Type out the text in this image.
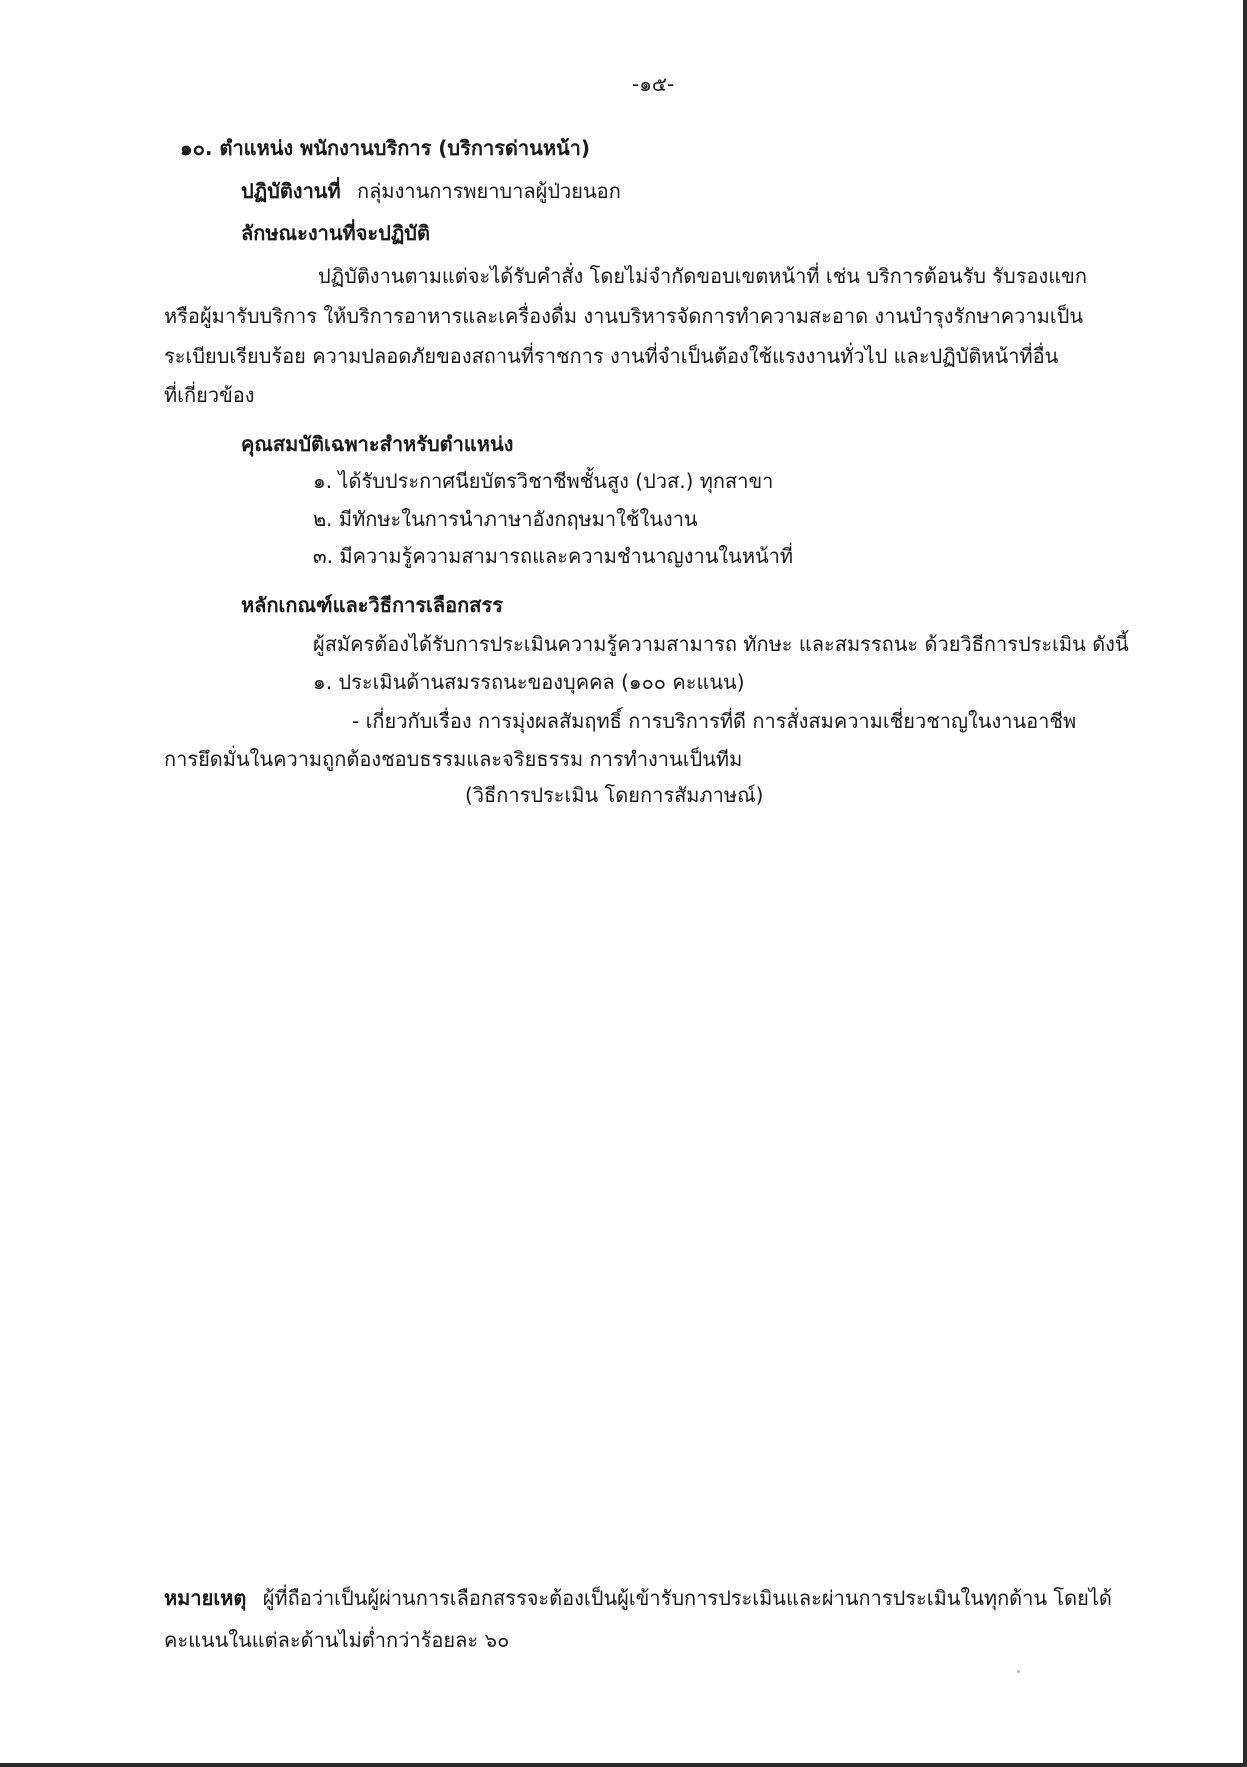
-๑๕-
๑๐. ตำแหน่ง พนักงานบริการ (บริการด่านหน้า)
ปฏิบัติงานที่ กลุ่มงานการพยาบาลผู้ป่วยนอก
ลักษณะงานที่จะปฏิบัติ
ปฏิบัติงานตามแต่จะได้รับคำสั่ง โดยไม่จำกัดขอบเขตหน้าที่ เช่น บริการต้อนรับ รับรองแขก
หรือผู้มารับบริการ ให้บริการอาหารและเครื่องดื่ม งานบริหารจัดการทำความสะอาด งานบำรุงรักษาความเป็น
ระเบียบเรียบร้อย ความปลอดภัยของสถานที่ราชการ งานที่จำเป็นต้องใช้แรงงานทั่วไป และปฏิบัติหน้าที่อื่น
ที่เกี่ยวข้อง
คุณสมบัติเฉพาะสำหรับตำแหน่ง
๑. ได้รับประกาศนียบัตรวิชาชีพชั้นสูง (ปวส.) ทุกสาขา
๒. มีทักษะในการนำภาษาอังกฤษมาใช้ในงาน
๓. มีความรู้ความสามารถและความชำนาญงานในหน้าที่
หลักเกณฑ์และวิธีการเลือกสรร
ผู้สมัครต้องได้รับการประเมินความรู้ความสามารถ ทักษะ และสมรรถนะ ด้วยวิธีการประเมิน ดังนี้
๑. ประเมินด้านสมรรถนะของบุคคล (๑๐๐ คะแนน)
- เกี่ยวกับเรื่อง การมุ่งผลสัมฤทธิ์ การบริการที่ดี การสั่งสมความเชี่ยวชาญในงานอาชีพ
การยึดมั่นในความถูกต้องชอบธรรมและจริยธรรม การทำงานเป็นทีม
(วิธีการประเมิน โดยการสัมภาษณ์)
หมายเหตุ ผู้ที่ถือว่าเป็นผู้ผ่านการเลือกสรรจะต้องเป็นผู้เข้ารับการประเมินและผ่านการประเมินในทุกด้าน โดยได้
คะแนนในแต่ละด้านไม่ต่ำกว่าร้อยละ ๖๐
